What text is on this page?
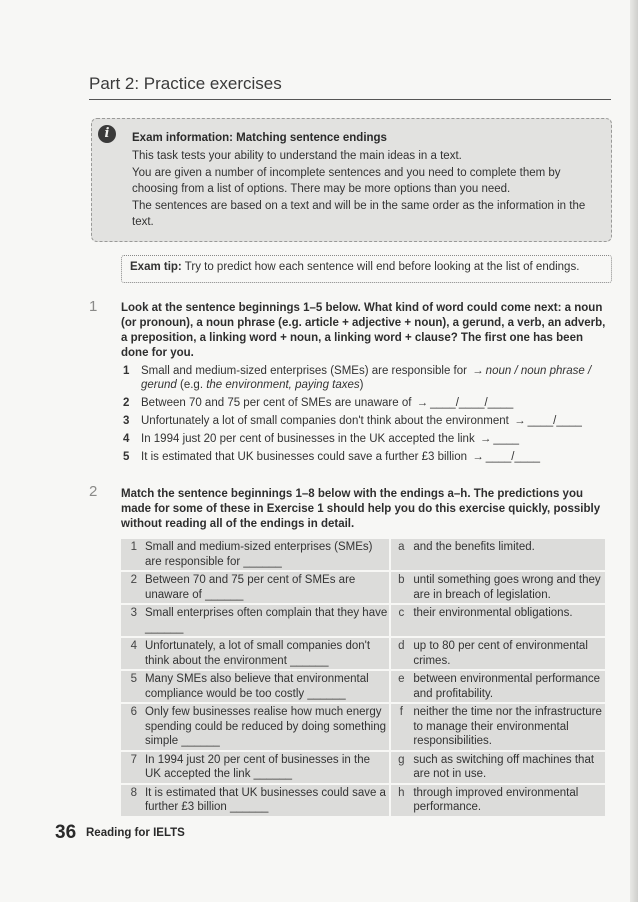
Part 2: Practice exercises
i	Exam information: Matching sentence endings

This task tests your ability to understand the main ideas in a text.

You are given a number of incomplete sentences and you need to complete them by choosing from a list of options. There may be more options than you need.

The sentences are based on a text and will be in the same order as the information in the text.

Exam tip: Try to predict how each sentence will end before looking at the list of endings.
1 Look at the sentence beginnings 1–5 below. What kind of word could come next: a noun (or pronoun), a noun phrase (e.g. article + adjective + noun), a gerund, a verb, an adverb, a preposition, a linking word + noun, a linking word + clause? The first one has been done for you.
1 Small and medium-sized enterprises (SMEs) are responsible for → noun / noun phrase / gerund (e.g. the environment, paying taxes)
2 Between 70 and 75 per cent of SMEs are unaware of → ____/____/____
3 Unfortunately a lot of small companies don't think about the environment → ____/____
4 In 1994 just 20 per cent of businesses in the UK accepted the link → ____
5 It is estimated that UK businesses could save a further £3 billion → ____/____
2 Match the sentence beginnings 1–8 below with the endings a–h. The predictions you made for some of these in Exercise 1 should help you do this exercise quickly, possibly without reading all of the endings in detail.
1	Small and medium-sized enterprises (SMEs) are responsible for ______	a	and the benefits limited.
2	Between 70 and 75 per cent of SMEs are unaware of ______	b	until something goes wrong and they are in breach of legislation.
3	Small enterprises often complain that they have ______	c	their environmental obligations.
4	Unfortunately, a lot of small companies don't think about the environment ______	d	up to 80 per cent of environmental crimes.
5	Many SMEs also believe that environmental compliance would be too costly ______	e	between environmental performance and profitability.
6	Only few businesses realise how much energy spending could be reduced by doing something simple ______	f	neither the time nor the infrastructure to manage their environmental responsibilities.
7	In 1994 just 20 per cent of businesses in the UK accepted the link ______	g	such as switching off machines that are not in use.
8	It is estimated that UK businesses could save a further £3 billion ______	h	through improved environmental performance.
36 Reading for IELTS
